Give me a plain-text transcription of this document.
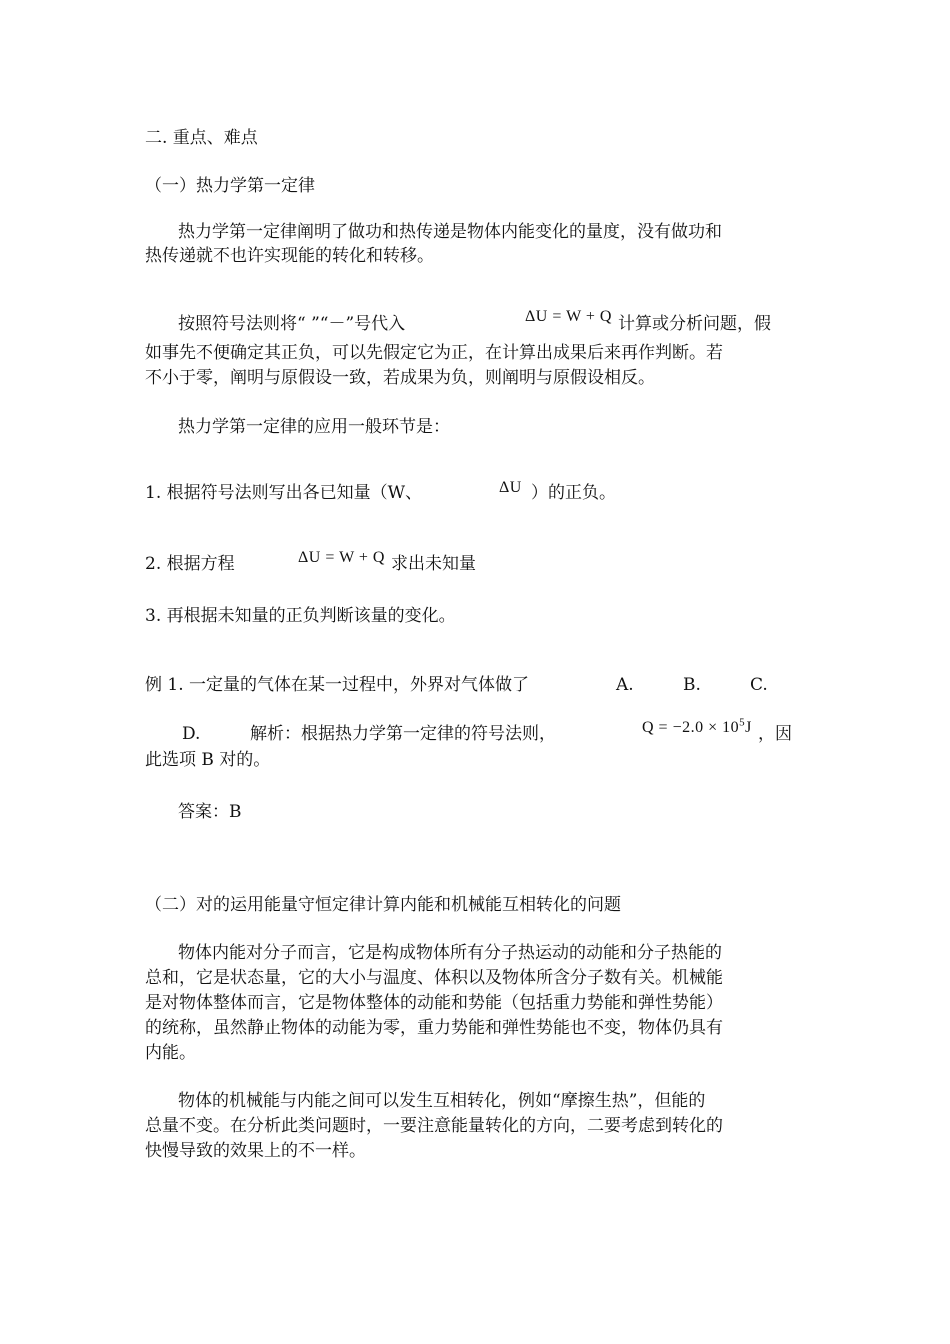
二. 重点、难点
（一）热力学第一定律
热力学第一定律阐明了做功和热传递是物体内能变化的量度，没有做功和
热传递就不也许实现能的转化和转移。
按照符号法则将“ ”“－”号代入	ΔU = W + Q 计算或分析问题，假
如事先不便确定其正负，可以先假定它为正，在计算出成果后来再作判断。若
不小于零，阐明与原假设一致，若成果为负，则阐明与原假设相反。
热力学第一定律的应用一般环节是：
1. 根据符号法则写出各已知量（W、	ΔU ）的正负。
2. 根据方程	ΔU = W + Q 求出未知量
3. 再根据未知量的正负判断该量的变化。
例 1. 一定量的气体在某一过程中，外界对气体做了	A.	B.	C.
D.	解析：根据热力学第一定律的符号法则，	$Q = -2.0 \times 10^5J$ ，因
此选项 B 对的。
答案：B
（二）对的运用能量守恒定律计算内能和机械能互相转化的问题
物体内能对分子而言，它是构成物体所有分子热运动的动能和分子热能的
总和，它是状态量，它的大小与温度、体积以及物体所含分子数有关。机械能
是对物体整体而言，它是物体整体的动能和势能（包括重力势能和弹性势能）
的统称，虽然静止物体的动能为零，重力势能和弹性势能也不变，物体仍具有
内能。
物体的机械能与内能之间可以发生互相转化，例如“摩擦生热”，但能的
总量不变。在分析此类问题时，一要注意能量转化的方向，二要考虑到转化的
快慢导致的效果上的不一样。
